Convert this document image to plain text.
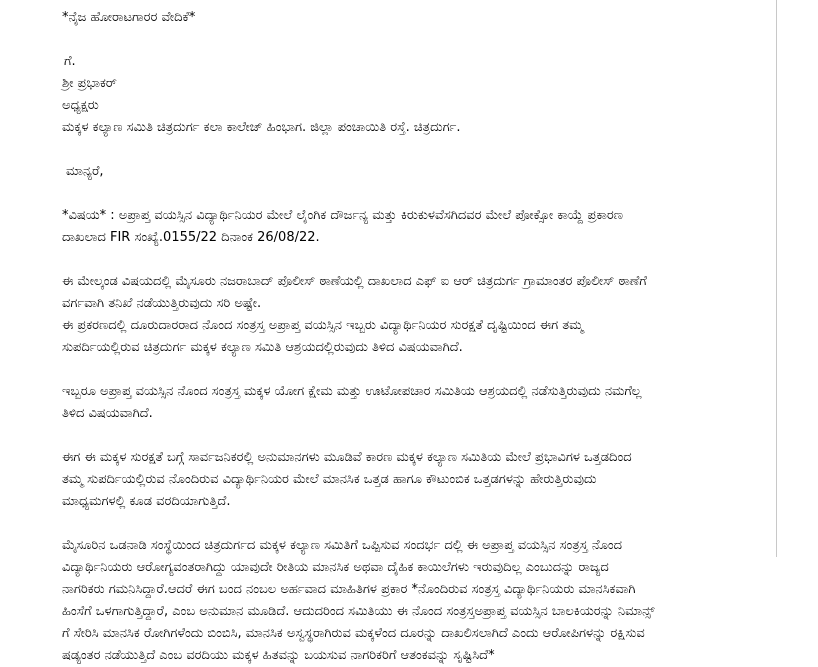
*ನೈಜ ಹೋರಾಟಗಾರರ ವೇದಿಕೆ*
ಗೆ.
ಶ್ರೀ ಪ್ರಭಾಕರ್
ಅಧ್ಯಕ್ಷರು
ಮಕ್ಕಳ ಕಲ್ಯಾಣ ಸಮಿತಿ ಚಿತ್ರದುರ್ಗ ಕಲಾ ಕಾಲೇಜ್ ಹಿಂಭಾಗ. ಜಿಲ್ಲಾ ಪಂಚಾಯಿತಿ ರಸ್ತೆ. ಚಿತ್ರದುರ್ಗ.
ಮಾನ್ಯರೆ,
*ವಿಷಯ* : ಅಪ್ರಾಪ್ತ ವಯಸ್ಸಿನ ವಿದ್ಯಾರ್ಥಿನಿಯರ ಮೇಲೆ ಲೈಂಗಿಕ ದೌರ್ಜನ್ಯ ಮತ್ತು ಕಿರುಕುಳವೆಸಗಿದವರ ಮೇಲೆ ಪೋಕ್ಸೋ ಕಾಯ್ದೆ ಪ್ರಕಾರಣ
ದಾಖಲಾದ FIR ಸಂಖ್ಯೆ.0155/22 ದಿನಾಂಕ 26/08/22.
ಈ ಮೇಲ್ಕಂಡ ವಿಷಯದಲ್ಲಿ ಮೈಸೂರು ನಜರಾಬಾದ್ ಪೊಲೀಸ್ ಠಾಣೆಯಲ್ಲಿ ದಾಖಲಾದ ಎಫ್ ಐ ಆರ್ ಚಿತ್ರದುರ್ಗ ಗ್ರಾಮಾಂತರ ಪೊಲೀಸ್ ಠಾಣೆಗೆ
ವರ್ಗವಾಗಿ ತನಿಖೆ ನಡೆಯುತ್ತಿರುವುದು ಸರಿ ಅಷ್ಟೇ.
ಈ ಪ್ರಕರಣದಲ್ಲಿ ದೂರುದಾರರಾದ ನೊಂದ ಸಂತ್ರಸ್ತ ಅಪ್ರಾಪ್ತ ವಯಸ್ಸಿನ ಇಬ್ಬರು ವಿದ್ಯಾರ್ಥಿನಿಯರ ಸುರಕ್ಷತೆ ದೃಷ್ಟಿಯಿಂದ ಈಗ ತಮ್ಮ
ಸುಪರ್ದಿಯಲ್ಲಿರುವ ಚಿತ್ರದುರ್ಗ ಮಕ್ಕಳ ಕಲ್ಯಾಣ ಸಮಿತಿ ಆಶ್ರಯದಲ್ಲಿರುವುದು ತಿಳಿದ ವಿಷಯವಾಗಿದೆ.
ಇಬ್ಬರೂ ಅಪ್ರಾಪ್ತ ವಯಸ್ಸಿನ ನೊಂದ ಸಂತ್ರಸ್ತ ಮಕ್ಕಳ ಯೋಗ ಕ್ಷೇಮ ಮತ್ತು ಊಟೋಪಚಾರ ಸಮಿತಿಯ ಆಶ್ರಯದಲ್ಲಿ ನಡೆಸುತ್ತಿರುವುದು ನಮಗೆಲ್ಲ
ತಿಳಿದ ವಿಷಯವಾಗಿದೆ.
ಈಗ ಈ ಮಕ್ಕಳ ಸುರಕ್ಷತೆ ಬಗ್ಗೆ ಸಾರ್ವಜನಿಕರಲ್ಲಿ ಅನುಮಾನಗಳು ಮೂಡಿವೆ ಕಾರಣ ಮಕ್ಕಳ ಕಲ್ಯಾಣ ಸಮಿತಿಯ ಮೇಲೆ ಪ್ರಭಾವಿಗಳ ಒತ್ತಡದಿಂದ
ತಮ್ಮ ಸುಪರ್ದಿಯಲ್ಲಿರುವ ನೊಂದಿರುವ ವಿದ್ಯಾರ್ಥಿನಿಯರ ಮೇಲೆ ಮಾನಸಿಕ ಒತ್ತಡ ಹಾಗೂ ಕೌಟುಂಬಿಕ ಒತ್ತಡಗಳನ್ನು ಹೇರುತ್ತಿರುವುದು
ಮಾಧ್ಯಮಗಳಲ್ಲಿ ಕೂಡ ವರದಿಯಾಗುತ್ತಿದೆ.
ಮೈಸೂರಿನ ಒಡನಾಡಿ ಸಂಸ್ಥೆಯಿಂದ ಚಿತ್ರದುರ್ಗದ ಮಕ್ಕಳ ಕಲ್ಯಾಣ ಸಮಿತಿಗೆ ಒಪ್ಪಿಸುವ ಸಂದರ್ಭ ದಲ್ಲಿ ಈ ಅಪ್ರಾಪ್ತ ವಯಸ್ಸಿನ ಸಂತ್ರಸ್ತ ನೊಂದ
ವಿದ್ಯಾರ್ಥಿನಿಯರು ಆರೋಗ್ಯವಂತರಾಗಿದ್ದು ಯಾವುದೇ ರೀತಿಯ ಮಾನಸಿಕ ಅಥವಾ ದೈಹಿಕ ಕಾಯಿಲೆಗಳು ಇರುವುದಿಲ್ಲ ಎಂಬುದನ್ನು ರಾಜ್ಯದ
ನಾಗರಿಕರು ಗಮನಿಸಿದ್ದಾರೆ.ಆದರೆ ಈಗ ಬಂದ ನಂಬಲ ಅರ್ಹವಾದ ಮಾಹಿತಿಗಳ ಪ್ರಕಾರ *ನೊಂದಿರುವ ಸಂತ್ರಸ್ತ ವಿದ್ಯಾರ್ಥಿನಿಯರು ಮಾನಸಿಕವಾಗಿ
ಹಿಂಸೆಗೆ ಒಳಗಾಗುತ್ತಿದ್ದಾರೆ, ಎಂಬ ಅನುಮಾನ ಮೂಡಿದೆ. ಆದುದರಿಂದ ಸಮಿತಿಯು ಈ ನೊಂದ ಸಂತ್ರಸ್ತಅಪ್ರಾಪ್ತ ವಯಸ್ಸಿನ ಬಾಲಕಿಯರನ್ನು ನಿಮಾನ್ಸ್
ಗೆ ಸೇರಿಸಿ ಮಾನಸಿಕ ರೋಗಿಗಳೆಂದು ಬಿಂಬಿಸಿ, ಮಾನಸಿಕ ಅಸ್ವಸ್ಥರಾಗಿರುವ ಮಕ್ಕಳೆಂದ ದೂರನ್ನು ದಾಖಲಿಸಲಾಗಿದೆ ಎಂದು ಆರೋಪಿಗಳನ್ನು ರಕ್ಷಿಸುವ
ಷಡ್ಯಂತರ ನಡೆಯುತ್ತಿದೆ ಎಂಬ ವರದಿಯು ಮಕ್ಕಳ ಹಿತವನ್ನು ಬಯಸುವ ನಾಗರಿಕರಿಗೆ ಆತಂಕವನ್ನು ಸೃಷ್ಟಿಸಿದೆ*
